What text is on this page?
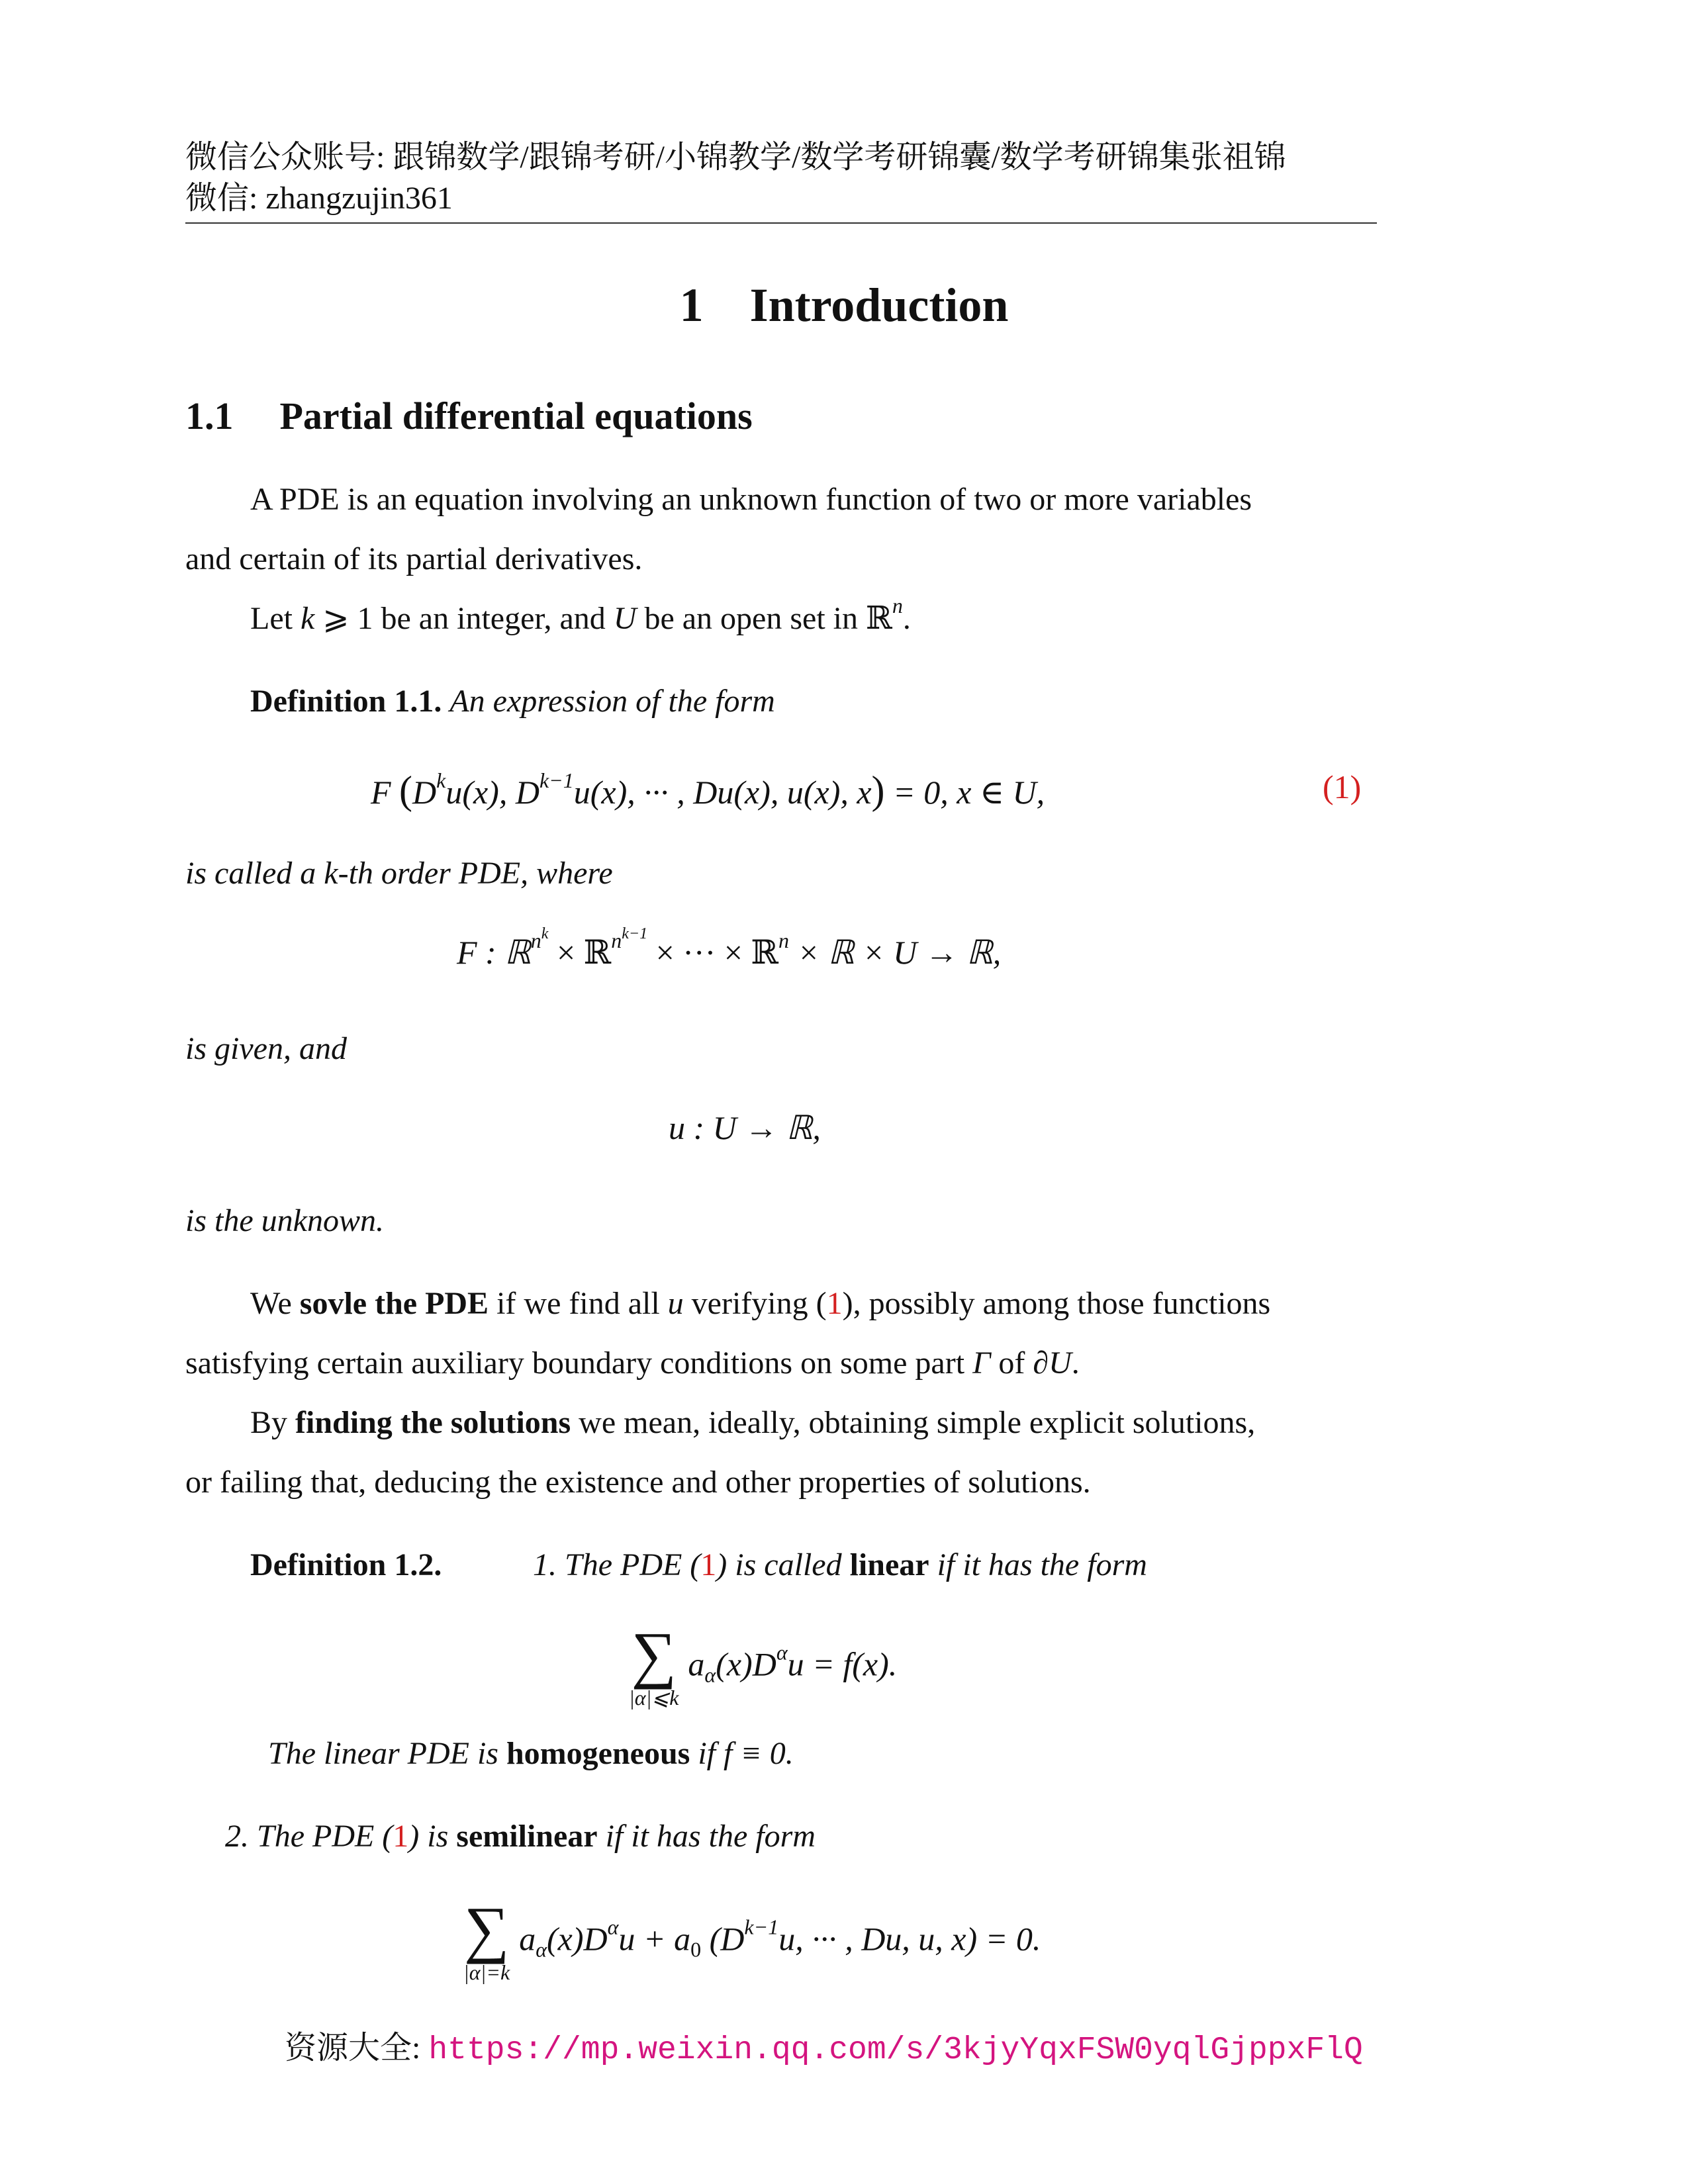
微信公众账号: 跟锦数学/跟锦考研/小锦教学/数学考研锦囊/数学考研锦集张祖锦
微信: zhangzujin361
1 Introduction
1.1 Partial differential equations
A PDE is an equation involving an unknown function of two or more variables
and certain of its partial derivatives.
Let k ⩾ 1 be an integer, and U be an open set in ℝ$^n$.
Definition 1.1. An expression of the form
F ($D^ku(x)$, $D^{k-1}u(x)$, ··· , Du(x), u(x), x) = 0, x ∈ U,	(1)
is called a k-th order PDE, where
F : ℝ$^{n^k}$ × ℝ$^{n^{k-1}}$ × ··· × ℝ$^n$ × ℝ × U → ℝ,
is given, and
u : U → ℝ,
is the unknown.
We sovle the PDE if we find all u verifying (1), possibly among those functions
satisfying certain auxiliary boundary conditions on some part Γ of ∂U.
By finding the solutions we mean, ideally, obtaining simple explicit solutions,
or failing that, deducing the existence and other properties of solutions.
Definition 1.2.	1. The PDE (1) is called linear if it has the form
∑
|α|⩽k
$a_\alpha(x)D^\alpha u = f(x)$.
The linear PDE is homogeneous if f ≡ 0.
2. The PDE (1) is semilinear if it has the form
∑
|α|=k
$a_\alpha(x)D^\alpha u + a_0$ ($D^{k-1}u$, ··· , Du, u, x) = 0.
资源大全: https://mp.weixin.qq.com/s/3kjyYqxFSW0yqlGjppxFlQ
